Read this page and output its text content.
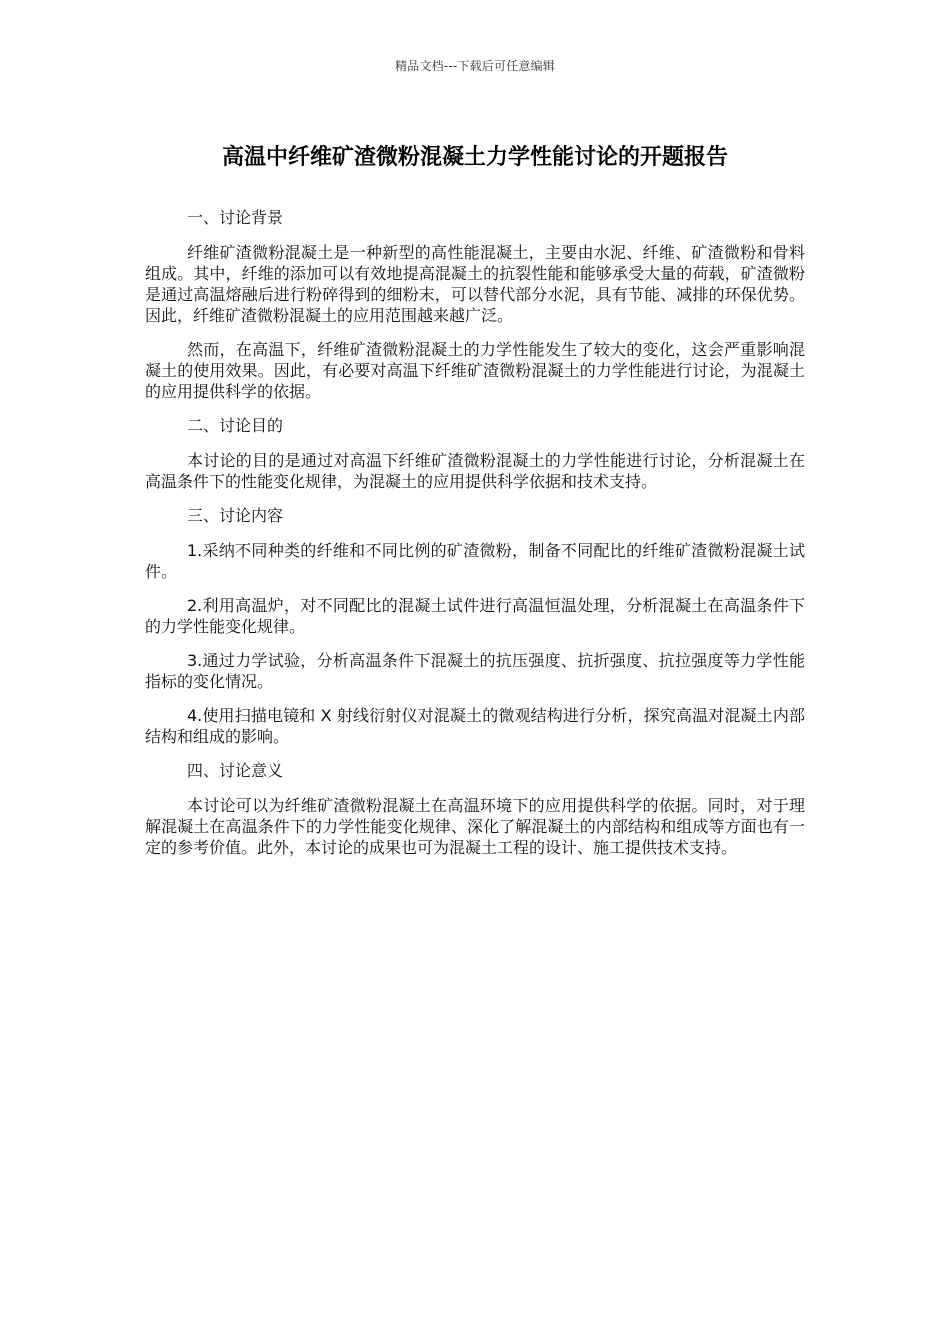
精品文档---下载后可任意编辑
高温中纤维矿渣微粉混凝土力学性能讨论的开题报告

一、讨论背景

纤维矿渣微粉混凝土是一种新型的高性能混凝土，主要由水泥、纤维、矿渣微粉和骨料组成。其中，纤维的添加可以有效地提高混凝土的抗裂性能和能够承受大量的荷载，矿渣微粉是通过高温熔融后进行粉碎得到的细粉末，可以替代部分水泥，具有节能、减排的环保优势。因此，纤维矿渣微粉混凝土的应用范围越来越广泛。

然而，在高温下，纤维矿渣微粉混凝土的力学性能发生了较大的变化，这会严重影响混凝土的使用效果。因此，有必要对高温下纤维矿渣微粉混凝土的力学性能进行讨论，为混凝土的应用提供科学的依据。

二、讨论目的

本讨论的目的是通过对高温下纤维矿渣微粉混凝土的力学性能进行讨论，分析混凝土在高温条件下的性能变化规律，为混凝土的应用提供科学依据和技术支持。

三、讨论内容

1.采纳不同种类的纤维和不同比例的矿渣微粉，制备不同配比的纤维矿渣微粉混凝土试件。

2.利用高温炉，对不同配比的混凝土试件进行高温恒温处理，分析混凝土在高温条件下的力学性能变化规律。

3.通过力学试验，分析高温条件下混凝土的抗压强度、抗折强度、抗拉强度等力学性能指标的变化情况。

4.使用扫描电镜和 X 射线衍射仪对混凝土的微观结构进行分析，探究高温对混凝土内部结构和组成的影响。

四、讨论意义

本讨论可以为纤维矿渣微粉混凝土在高温环境下的应用提供科学的依据。同时，对于理解混凝土在高温条件下的力学性能变化规律、深化了解混凝土的内部结构和组成等方面也有一定的参考价值。此外，本讨论的成果也可为混凝土工程的设计、施工提供技术支持。
